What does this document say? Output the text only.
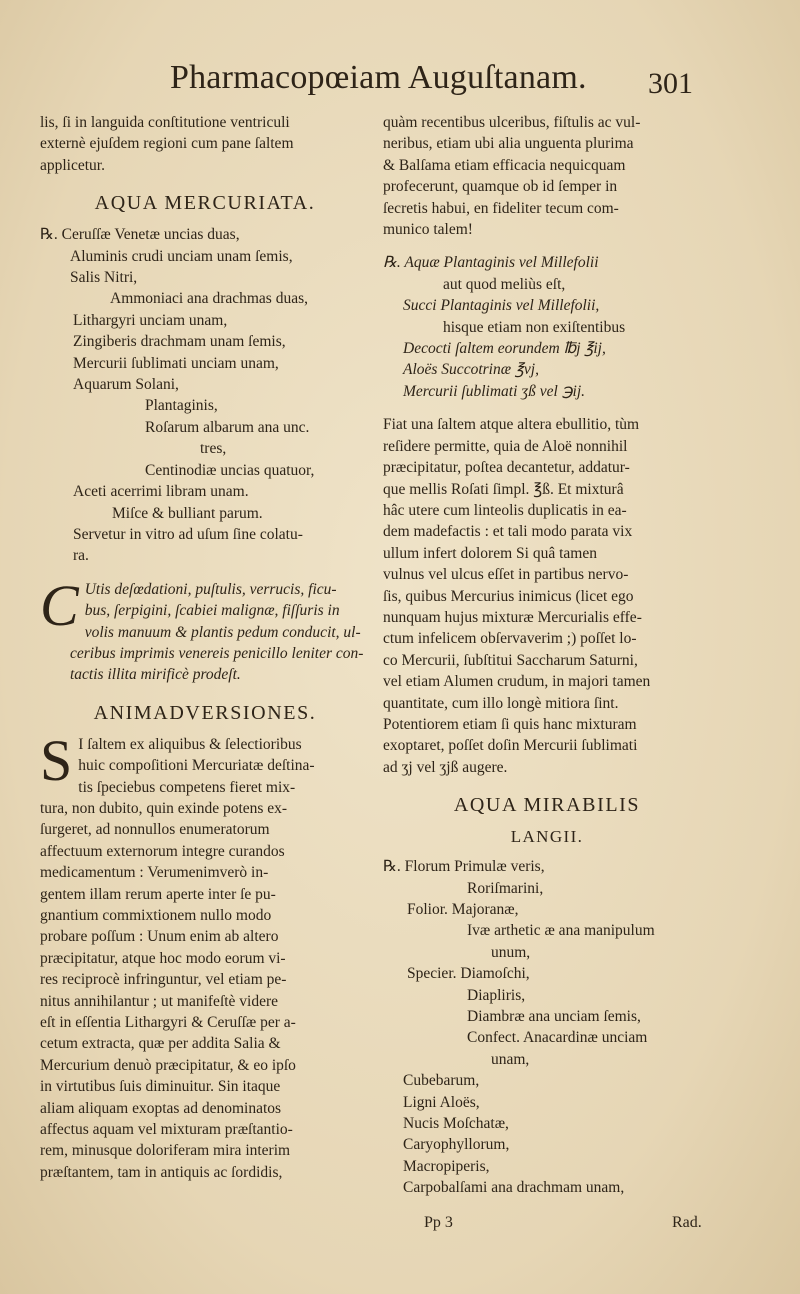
Pharmacopœiam Auguſtanam. 301
lis, ſi in languida conſtitutione ventriculi
externè ejuſdem regioni cum pane ſaltem
applicetur.
AQUA MERCURIATA.
℞. Ceruſſæ Venetæ uncias duas,
Aluminis crudi unciam unam ſemis,
Salis Nitri,
Ammoniaci ana drachmas duas,
Lithargyri unciam unam,
Zingiberis drachmam unam ſemis,
Mercurii ſublimati unciam unam,
Aquarum Solani,
Plantaginis,
Roſarum albarum ana unc.
tres,
Centinodiæ uncias quatuor,
Aceti acerrimi libram unam.
Miſce & bulliant parum.
Servetur in vitro ad uſum ſine colatu-
ra.
C Utis deſœdationi, puſtulis, verrucis, ficu-
bus, ſerpigini, ſcabiei malignæ, fiſſuris in
volis manuum & plantis pedum conducit, ul-
ceribus imprimis venereis penicillo leniter con-
tactis illita mirificè prodeſt.
ANIMADVERSIONES.
S I ſaltem ex aliquibus & ſelectioribus
huic compoſitioni Mercuriatæ deſtina-
tis ſpeciebus competens fieret mix-
tura, non dubito, quin exinde potens ex-
ſurgeret, ad nonnullos enumeratorum
affectuum externorum integre curandos
medicamentum : Verumenimverò in-
gentem illam rerum aperte inter ſe pu-
gnantium commixtionem nullo modo
probare poſſum : Unum enim ab altero
præcipitatur, atque hoc modo eorum vi-
res reciprocè infringuntur, vel etiam pe-
nitus annihilantur ; ut manifeſtè videre
eſt in eſſentia Lithargyri & Ceruſſæ per a-
cetum extracta, quæ per addita Salia &
Mercurium denuò præcipitatur, & eo ipſo
in virtutibus ſuis diminuitur. Sin itaque
aliam aliquam exoptas ad denominatos
affectus aquam vel mixturam præſtantio-
rem, minusque doloriferam mira interim
præſtantem, tam in antiquis ac ſordidis,
quàm recentibus ulceribus, fiſtulis ac vul-
neribus, etiam ubi alia unguenta plurima
& Balſama etiam efficacia nequicquam
profecerunt, quamque ob id ſemper in
ſecretis habui, en fideliter tecum com-
munico talem!
℞. Aquæ Plantaginis vel Millefolii
aut quod meliùs eſt,
Succi Plantaginis vel Millefolii,
hisque etiam non exiſtentibus
Decocti ſaltem eorundem ℔j ℥ij,
Aloës Succotrinæ ℥vj,
Mercurii ſublimati ʒß vel ℈ij.
Fiat una ſaltem atque altera ebullitio, tùm
reſidere permitte, quia de Aloë nonnihil
præcipitatur, poſtea decantetur, addatur-
que mellis Roſati ſimpl. ℥ß. Et mixturâ
hâc utere cum linteolis duplicatis in ea-
dem madefactis : et tali modo parata vix
ullum infert dolorem Si quâ tamen
vulnus vel ulcus eſſet in partibus nervo-
ſis, quibus Mercurius inimicus (licet ego
nunquam hujus mixturæ Mercurialis effe-
ctum infelicem obſervaverim ;) poſſet lo-
co Mercurii, ſubſtitui Saccharum Saturni,
vel etiam Alumen crudum, in majori tamen
quantitate, cum illo longè mitiora ſint.
Potentiorem etiam ſi quis hanc mixturam
exoptaret, poſſet doſin Mercurii ſublimati
ad ʒj vel ʒjß augere.
AQUA MIRABILIS
LANGII.
℞. Florum Primulæ veris,
Roriſmarini,
Folior. Majoranæ,
Ivæ arthetic æ ana manipulum
unum,
Specier. Diamoſchi,
Diapliris,
Diambræ ana unciam ſemis,
Confect. Anacardinæ unciam
unam,
Cubebarum,
Ligni Aloës,
Nucis Moſchatæ,
Caryophyllorum,
Macropiperis,
Carpobalſami ana drachmam unam,
Pp 3	Rad.
